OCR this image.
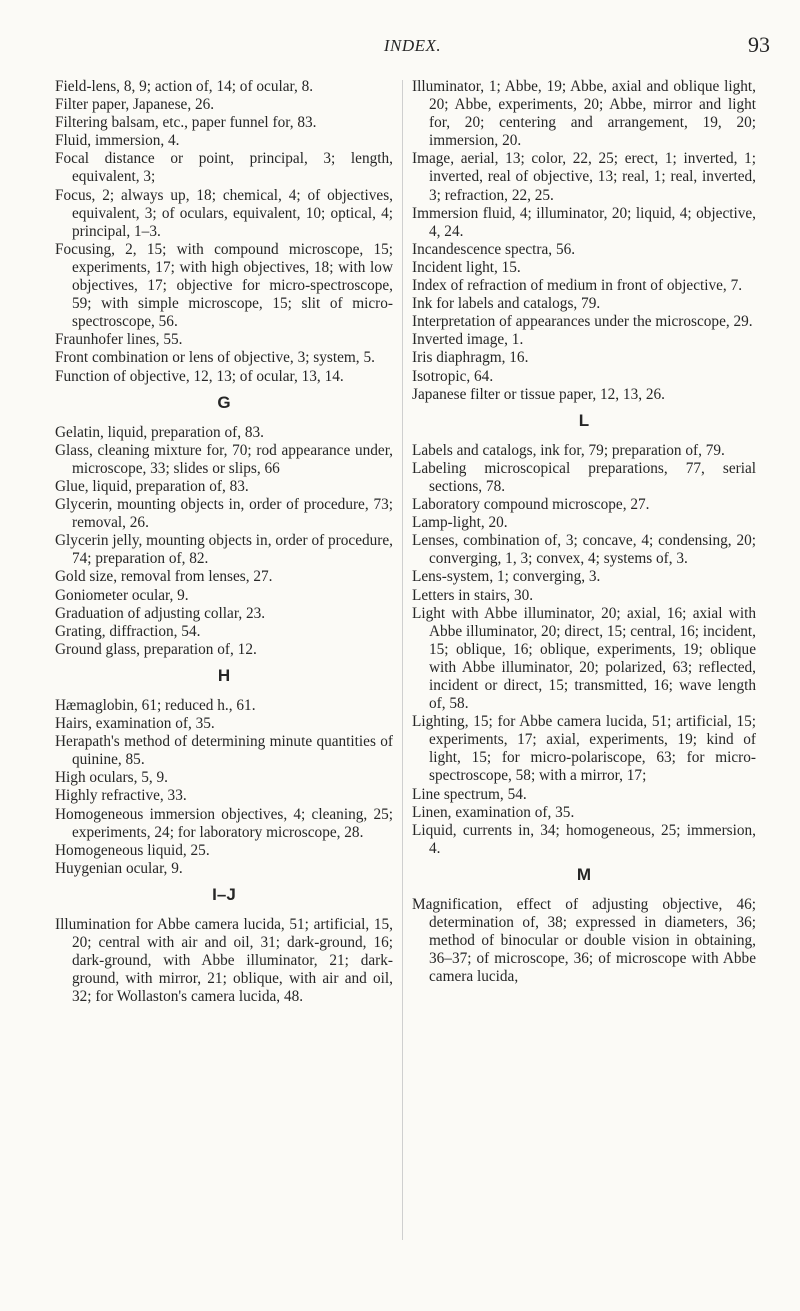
INDEX.	93

Field-lens, 8, 9; action of, 14; of ocular, 8.

Filter paper, Japanese, 26.

Filtering balsam, etc., paper funnel for, 83.

Fluid, immersion, 4.

Focal distance or point, principal, 3; length, equivalent, 3;

Focus, 2; always up, 18; chemical, 4; of objectives, equivalent, 3; of oculars, equivalent, 10; optical, 4; principal, 1–3.

Focusing, 2, 15; with compound microscope, 15; experiments, 17; with high objectives, 18; with low objectives, 17; objective for micro-spectroscope, 59; with simple microscope, 15; slit of micro-spectroscope, 56.

Fraunhofer lines, 55.

Front combination or lens of objective, 3; system, 5.

Function of objective, 12, 13; of ocular, 13, 14.

G

Gelatin, liquid, preparation of, 83.

Glass, cleaning mixture for, 70; rod appearance under, microscope, 33; slides or slips, 66

Glue, liquid, preparation of, 83.

Glycerin, mounting objects in, order of procedure, 73; removal, 26.

Glycerin jelly, mounting objects in, order of procedure, 74; preparation of, 82.

Gold size, removal from lenses, 27.

Goniometer ocular, 9.

Graduation of adjusting collar, 23.

Grating, diffraction, 54.

Ground glass, preparation of, 12.

H

Hæmaglobin, 61; reduced h., 61.

Hairs, examination of, 35.

Herapath's method of determining minute quantities of quinine, 85.

High oculars, 5, 9.

Highly refractive, 33.

Homogeneous immersion objectives, 4; cleaning, 25; experiments, 24; for laboratory microscope, 28.

Homogeneous liquid, 25.

Huygenian ocular, 9.

I–J

Illumination for Abbe camera lucida, 51; artificial, 15, 20; central with air and oil, 31; dark-ground, 16; dark-ground, with Abbe illuminator, 21; dark-ground, with mirror, 21; oblique, with air and oil, 32; for Wollaston's camera lucida, 48.

Illuminator, 1; Abbe, 19; Abbe, axial and oblique light, 20; Abbe, experiments, 20; Abbe, mirror and light for, 20; centering and arrangement, 19, 20; immersion, 20.

Image, aerial, 13; color, 22, 25; erect, 1; inverted, 1; inverted, real of objective, 13; real, 1; real, inverted, 3; refraction, 22, 25.

Immersion fluid, 4; illuminator, 20; liquid, 4; objective, 4, 24.

Incandescence spectra, 56.

Incident light, 15.

Index of refraction of medium in front of objective, 7.

Ink for labels and catalogs, 79.

Interpretation of appearances under the microscope, 29.

Inverted image, 1.

Iris diaphragm, 16.

Isotropic, 64.

Japanese filter or tissue paper, 12, 13, 26.

L

Labels and catalogs, ink for, 79; preparation of, 79.

Labeling microscopical preparations, 77, serial sections, 78.

Laboratory compound microscope, 27.

Lamp-light, 20.

Lenses, combination of, 3; concave, 4; condensing, 20; converging, 1, 3; convex, 4; systems of, 3.

Lens-system, 1; converging, 3.

Letters in stairs, 30.

Light with Abbe illuminator, 20; axial, 16; axial with Abbe illuminator, 20; direct, 15; central, 16; incident, 15; oblique, 16; oblique, experiments, 19; oblique with Abbe illuminator, 20; polarized, 63; reflected, incident or direct, 15; transmitted, 16; wave length of, 58.

Lighting, 15; for Abbe camera lucida, 51; artificial, 15; experiments, 17; axial, experiments, 19; kind of light, 15; for micro-polariscope, 63; for micro-spectroscope, 58; with a mirror, 17;

Line spectrum, 54.

Linen, examination of, 35.

Liquid, currents in, 34; homogeneous, 25; immersion, 4.

M

Magnification, effect of adjusting objective, 46; determination of, 38; expressed in diameters, 36; method of binocular or double vision in obtaining, 36–37; of microscope, 36; of microscope with Abbe camera lucida,
